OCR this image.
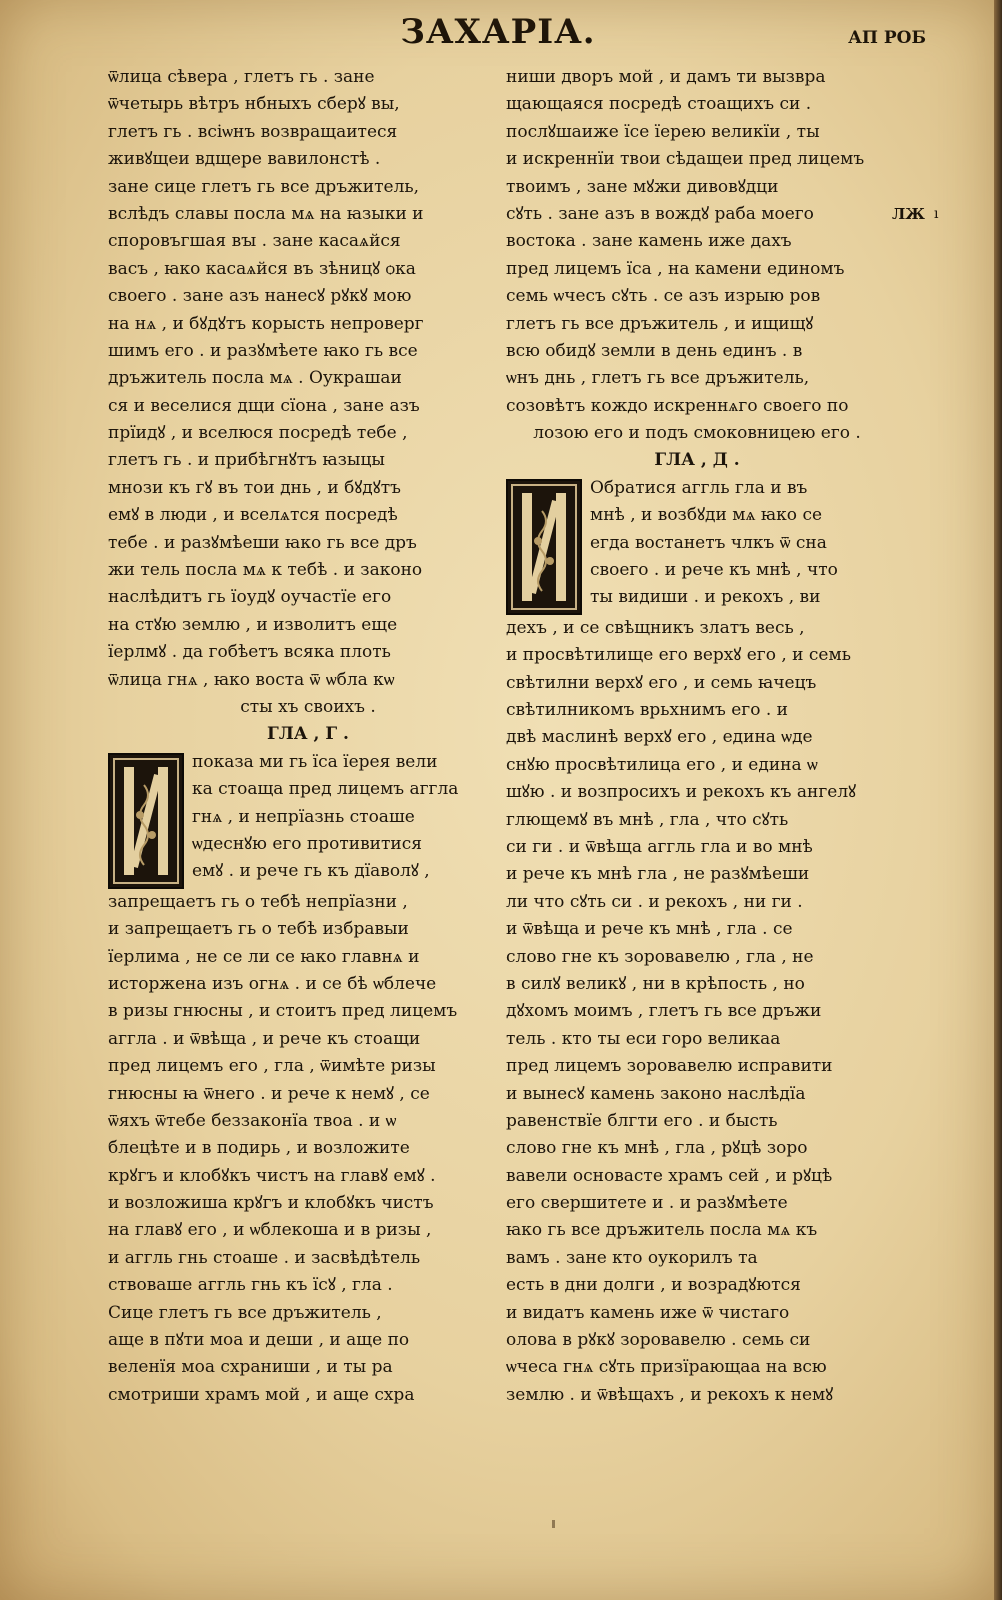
ЗАХАРІА.	АП РОБ
ЛЖ ı
ѿлица сѣвера , глетъ гь . зане
ѿчетырь вѣтръ нбныхъ сберꙋ вы,
глетъ гь . всіѡнъ возвращаитеся
живꙋщеи вдщере вавилонстѣ .
зане сице глетъ гь все дръжитель,
вслѣдъ славы посла мѧ на ꙗзыки и
споровъгшая вꙑ . зане касаѧйся
васъ , ꙗко касаѧйся въ зѣницꙋ ѻка
своего . зане азъ нанесꙋ рꙋкꙋ мою
на нѧ , и бꙋдꙋтъ корысть непроверг
шимъ его . и разꙋмѣете ꙗко гь все
дръжитель посла мѧ . Оукрашаи
ся и веселися дщи сїона , зане азъ
прїидꙋ , и вселюся посредѣ тебе ,
глетъ гь . и прибѣгнꙋтъ ꙗзыцы
мнози къ гꙋ въ тои днь , и бꙋдꙋтъ
емꙋ в люди , и вселѧтся посредѣ
тебе . и разꙋмѣеши ꙗко гь все дръ
жи тель посла мѧ к тебѣ . и законо
наслѣдитъ гь їоудꙋ оучастїе его
на стꙋю землю , и изволитъ еще
їерлмꙋ . да гобѣетъ всяка плоть
ѿлица гнѧ , ꙗко воста ѿ ѡбла кѡ
сты хъ своихъ .
ГЛА , Г .
показа ми гь їса їерея вели
ка стоаща пред лицемъ аггла
гнѧ , и непрїазнь стоаше
ѡдеснꙋю его противитися
емꙋ . и рече гь къ дїаволꙋ ,
запрещаетъ гь о тебѣ непрїазни ,
и запрещаетъ гь о тебѣ избравыи
їерлима , не се ли се ꙗко главнѧ и
исторжена изъ огнѧ . и се бѣ ѡблечe
в ризы гнюсны , и стоитъ пред лицемъ
аггла . и ѿвѣща , и рече къ стоащи
пред лицемъ его , гла , ѿимѣте ризы
гнюсны ꙗ ѿнего . и рече к немꙋ , се
ѿяхъ ѿтебе беззаконїа твоа . и ѡ
блецѣте и в подирь , и возложите
крꙋгъ и клобꙋкъ чистъ на главꙋ емꙋ .
и возложиша крꙋгъ и клобꙋкъ чистъ
на главꙋ его , и ѡблекоша и в ризы ,
и аггль гнь стоаше . и засвѣдѣтель
ствоваше аггль гнь къ їсꙋ , гла .
Сице глетъ гь все дръжитель ,
аще в пꙋти моа и деши , и аще по
веленїя моа схраниши , и ты ра
смотриши храмъ мой , и аще схра
ниши дворъ мой , и дамъ ти вызвра
щающаяся посредѣ стоащихъ си .
послꙋшаиже їсе їерею великїи , ты
и искреннїи твои сѣдащеи пред лицемъ
твоимъ , зане мꙋжи дивовꙋдци
сꙋть . зане азъ в вождꙋ раба моего
востока . зане камень иже дахъ
пред лицемъ їса , на камени единомъ
семь ѡчесъ сꙋть . се азъ изрыю ров
глетъ гь все дръжитель , и ищищꙋ
всю обидꙋ земли в день единъ . в
ѡнъ днь , глетъ гь все дръжитель,
созовѣтъ кождо искреннѧго своего по
лозою его и подъ смоковницею его .
ГЛА , Д .
Обратися аггль гла и въ
мнѣ , и возбꙋди мѧ ꙗко се
егда востанетъ члкъ ѿ сна
своего . и рече къ мнѣ , что
ты видиши . и рекохъ , ви
дехъ , и се свѣщникъ златъ весь ,
и просвѣтилище его верхꙋ его , и семь
свѣтилни верхꙋ его , и семь ꙗчецъ
свѣтилникомъ врьхнимъ его . и
двѣ маслинѣ верхꙋ его , едина ѡде
снꙋю просвѣтилица его , и едина ѡ
шꙋю . и возпросихъ и рекохъ къ ангелꙋ
глющемꙋ въ мнѣ , гла , что сꙋть
си ги . и ѿвѣща аггль гла и во мнѣ
и рече къ мнѣ гла , не разꙋмѣеши
ли что сꙋть си . и рекохъ , ни ги .
и ѿвѣща и рече къ мнѣ , гла . се
слово гне къ зоровавелю , гла , не
в силꙋ великꙋ , ни в крѣпость , но
дꙋхомъ моимъ , глетъ гь все дръжи
тель . кто ты еси горо великаа
пред лицемъ зоровавелю исправити
и вынесꙋ камень законо наслѣдїа
равенствїе блгти его . и бысть
слово гне къ мнѣ , гла , рꙋцѣ зоро
вавели основасте храмъ сей , и рꙋцѣ
его свершитете и . и разꙋмѣете
ꙗко гь все дръжитель посла мѧ къ
вамъ . зане кто оукорилъ та
есть в дни долги , и возрадꙋются
и видатъ камень иже ѿ чистаго
олова в рꙋкꙋ зоровавелю . семь си
ѡчеса гнѧ сꙋть призїрающаа на всю
землю . и ѿвѣщахъ , и рекохъ к немꙋ
